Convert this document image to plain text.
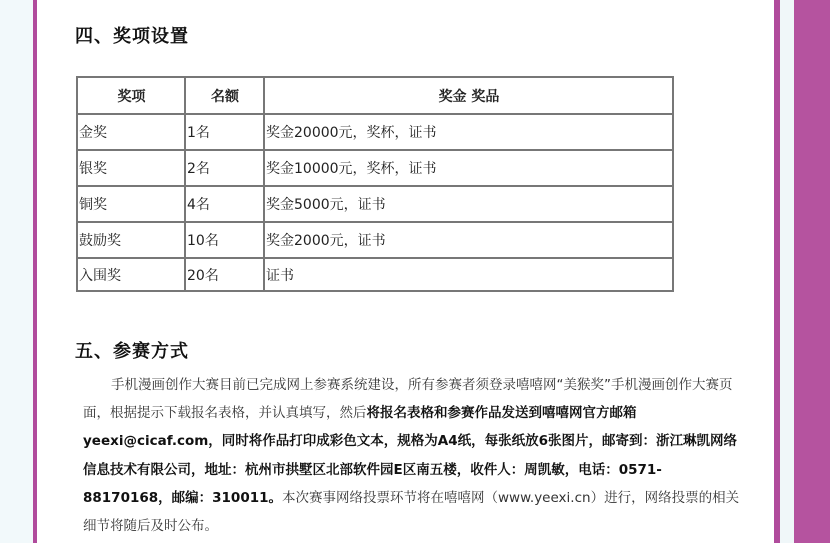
四、奖项设置
奖项	名额	奖金 奖品
金奖	1名	奖金20000元，奖杯，证书
银奖	2名	奖金10000元，奖杯，证书
铜奖	4名	奖金5000元，证书
鼓励奖	10名	奖金2000元，证书
入围奖	20名	证书
五、参赛方式
手机漫画创作大赛目前已完成网上参赛系统建设，所有参赛者须登录嘻嘻网“美猴奖”手机漫画创作大赛页面，根据提示下载报名表格，并认真填写，然后将报名表格和参赛作品发送到嘻嘻网官方邮箱yeexi@cicaf.com，同时将作品打印成彩色文本，规格为A4纸，每张纸放6张图片，邮寄到：浙江琳凯网络信息技术有限公司，地址：杭州市拱墅区北部软件园E区南五楼，收件人：周凯敏，电话：0571-88170168，邮编：310011。本次赛事网络投票环节将在嘻嘻网（www.yeexi.cn）进行，网络投票的相关细节将随后及时公布。
